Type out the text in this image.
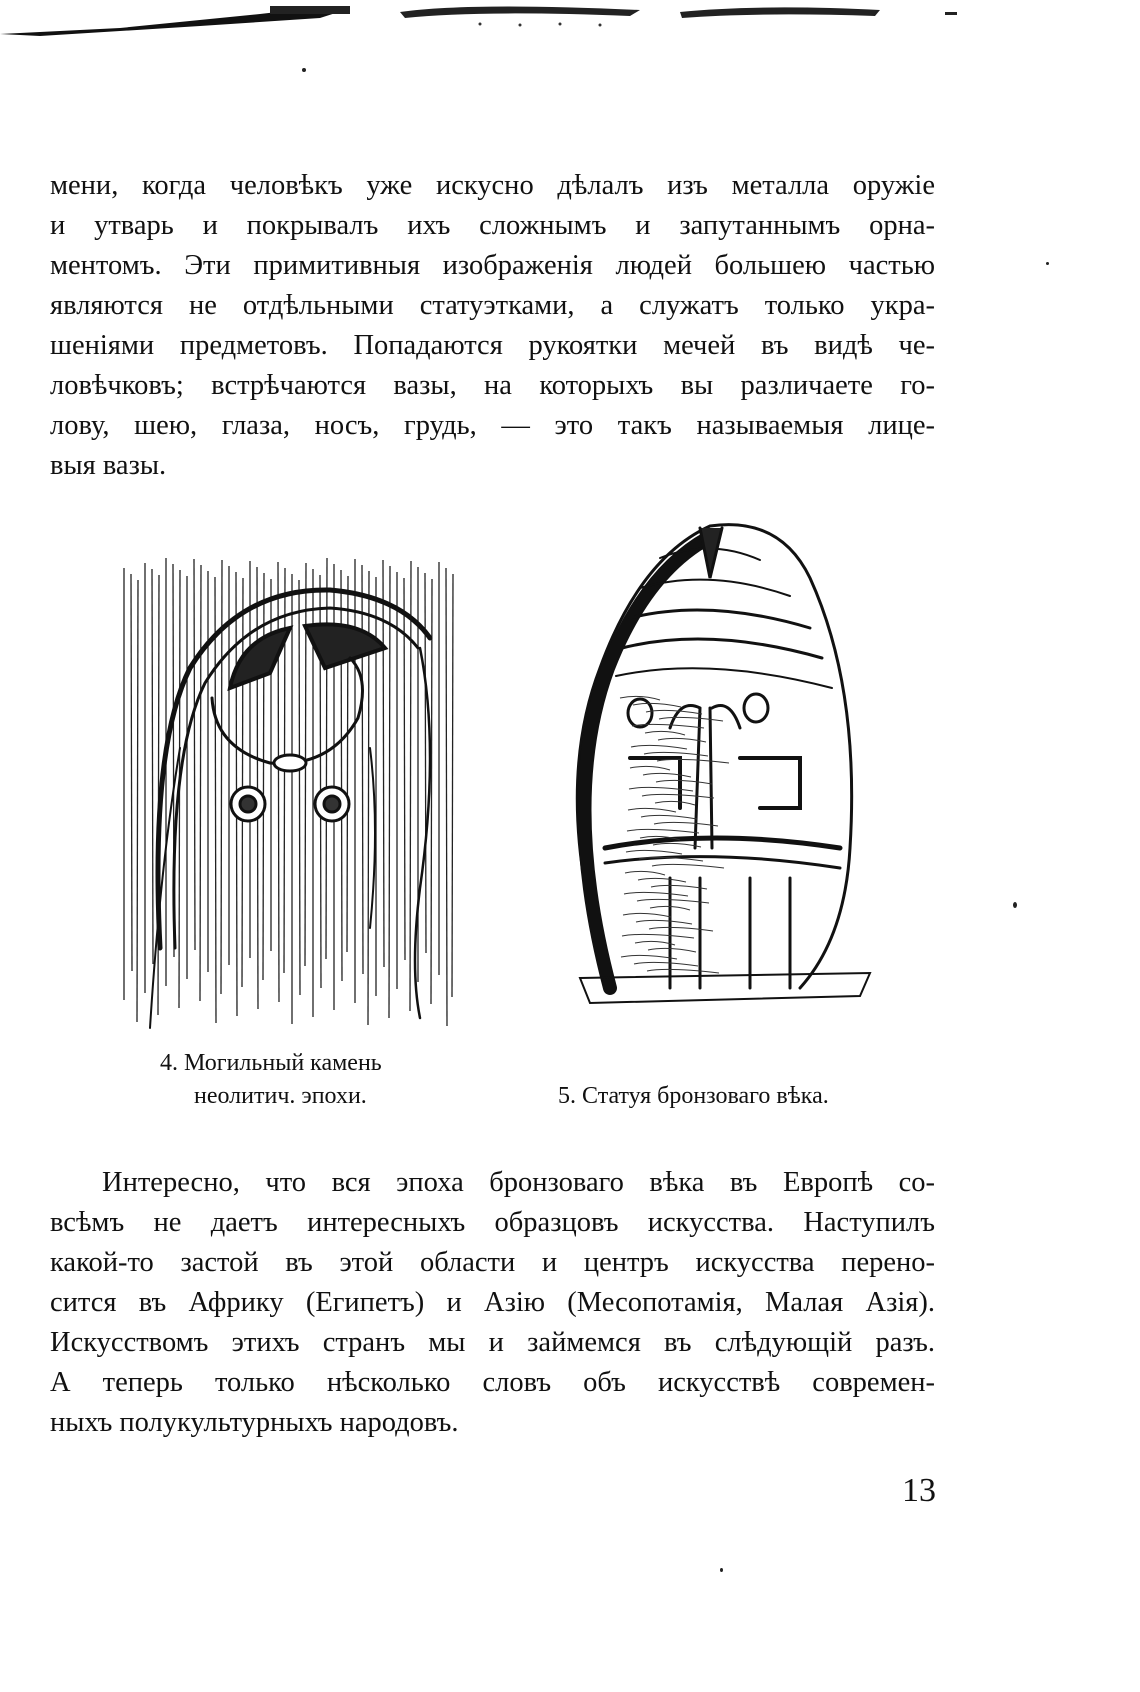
мени, когда человѣкъ уже искусно дѣлалъ изъ металла оружіе
и утварь и покрывалъ ихъ сложнымъ и запутаннымъ орна-
ментомъ. Эти примитивныя изображенія людей большею частью
являются не отдѣльными статуэтками, а служатъ только укра-
шеніями предметовъ. Попадаются рукоятки мечей въ видѣ че-
ловѣчковъ; встрѣчаются вазы, на которыхъ вы различаете го-
лову, шею, глаза, носъ, грудь, — это такъ называемыя лице-
выя вазы.
4. Могильный камень
неолитич. эпохи.	5. Статуя бронзоваго вѣка.
Интересно, что вся эпоха бронзоваго вѣка въ Европѣ со-
всѣмъ не даетъ интересныхъ образцовъ искусства. Наступилъ
какой-то застой въ этой области и центръ искусства перено-
сится въ Африку (Египетъ) и Азію (Месопотамія, Малая Азія).
Искусствомъ этихъ странъ мы и займемся въ слѣдующій разъ.
А теперь только нѣсколько словъ объ искусствѣ современ-
ныхъ полукультурныхъ народовъ.
13
